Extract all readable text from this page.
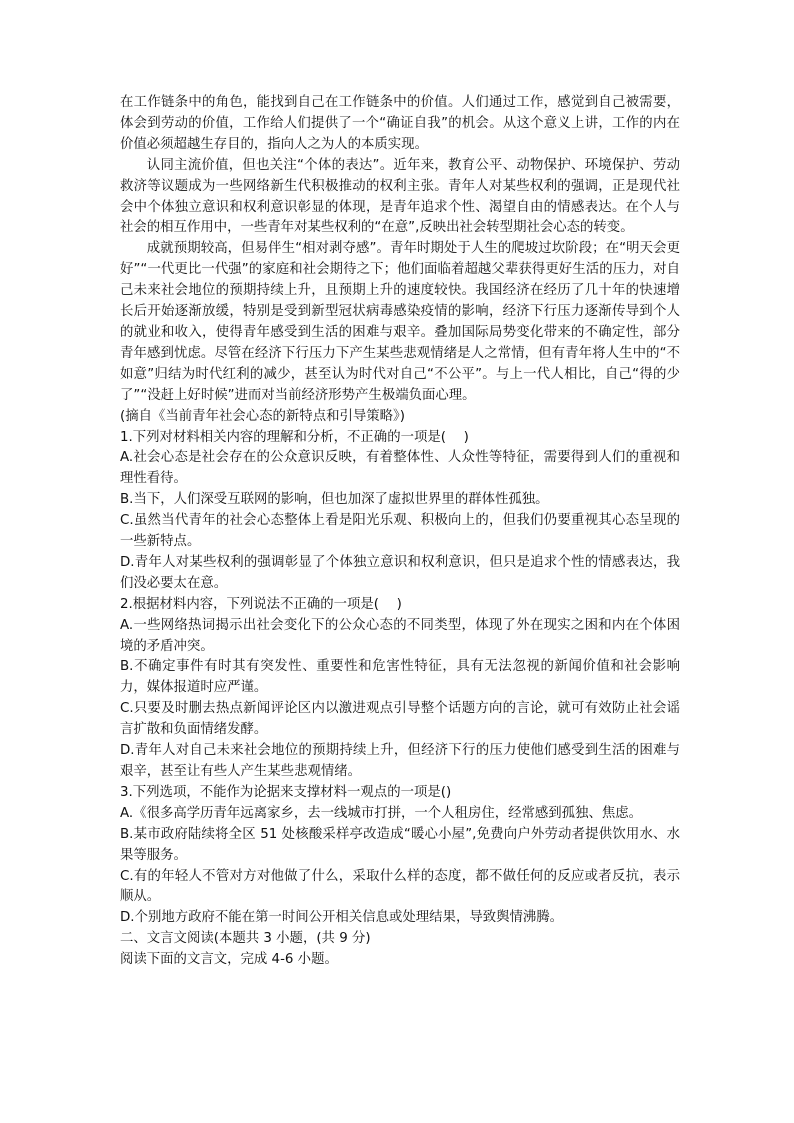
在工作链条中的角色，能找到自己在工作链条中的价值。人们通过工作，感觉到自己被需要，体会到劳动的价值，工作给人们提供了一个“确证自我”的机会。从这个意义上讲，工作的内在价值必须超越生存目的，指向人之为人的本质实现。

认同主流价值，但也关注“个体的表达”。近年来，教育公平、动物保护、环境保护、劳动救济等议题成为一些网络新生代积极推动的权利主张。青年人对某些权利的强调，正是现代社会中个体独立意识和权利意识彰显的体现，是青年追求个性、渴望自由的情感表达。在个人与社会的相互作用中，一些青年对某些权利的“在意”,反映出社会转型期社会心态的转变。

成就预期较高，但易伴生“相对剥夺感”。青年时期处于人生的爬坡过坎阶段；在“明天会更好”“一代更比一代强”的家庭和社会期待之下；他们面临着超越父辈获得更好生活的压力，对自己未来社会地位的预期持续上升，且预期上升的速度较快。我国经济在经历了几十年的快速增长后开始逐渐放缓，特别是受到新型冠状病毒感染疫情的影响，经济下行压力逐渐传导到个人的就业和收入，使得青年感受到生活的困难与艰辛。叠加国际局势变化带来的不确定性，部分青年感到忧虑。尽管在经济下行压力下产生某些悲观情绪是人之常情，但有青年将人生中的“不如意”归结为时代红利的减少，甚至认为时代对自己“不公平”。与上一代人相比，自己“得的少了”“没赶上好时候”进而对当前经济形势产生极端负面心理。

(摘自《当前青年社会心态的新特点和引导策略》)

1.下列对材料相关内容的理解和分析，不正确的一项是(　 )

A.社会心态是社会存在的公众意识反映，有着整体性、人众性等特征，需要得到人们的重视和理性看待。

B.当下，人们深受互联网的影响，但也加深了虚拟世界里的群体性孤独。

C.虽然当代青年的社会心态整体上看是阳光乐观、积极向上的，但我们仍要重视其心态呈现的一些新特点。

D.青年人对某些权利的强调彰显了个体独立意识和权利意识，但只是追求个性的情感表达，我们没必要太在意。

2.根据材料内容，下列说法不正确的一项是(　 )

A.一些网络热词揭示出社会变化下的公众心态的不同类型，体现了外在现实之困和内在个体困境的矛盾冲突。

B.不确定事件有时其有突发性、重要性和危害性特征，具有无法忽视的新闻价值和社会影响力，媒体报道时应严谨。

C.只要及时删去热点新闻评论区内以激进观点引导整个话题方向的言论，就可有效防止社会谣言扩散和负面情绪发酵。

D.青年人对自己未来社会地位的预期持续上升，但经济下行的压力使他们感受到生活的困难与艰辛，甚至让有些人产生某些悲观情绪。

3.下列选项，不能作为论据来支撑材料一观点的一项是()

A.《很多高学历青年远离家乡，去一线城市打拼，一个人租房住，经常感到孤独、焦虑。

B.某市政府陆续将全区 51 处核酸采样亭改造成“暖心小屋”,免费向户外劳动者提供饮用水、水果等服务。

C.有的年轻人不管对方对他做了什么，采取什么样的态度，都不做任何的反应或者反抗，表示顺从。

D.个别地方政府不能在第一时间公开相关信息或处理结果，导致舆情沸腾。

二、文言文阅读(本题共 3 小题，(共 9 分)

阅读下面的文言文，完成 4-6 小题。
